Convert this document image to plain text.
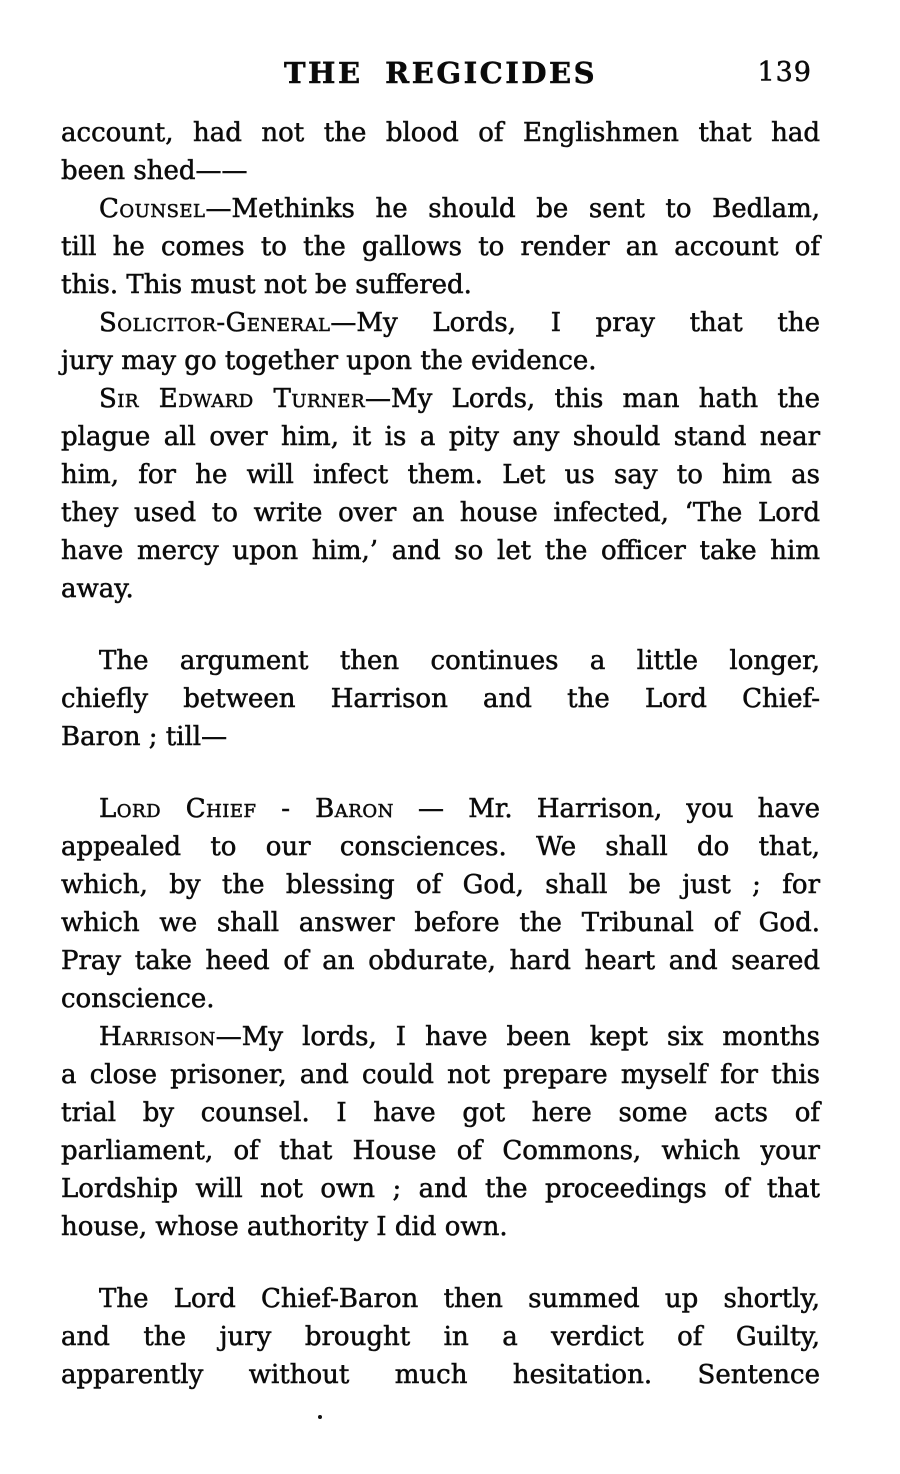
THE REGICIDES	139
account, had not the blood of Englishmen that had
been shed——
Counsel—Methinks he should be sent to Bedlam,
till he comes to the gallows to render an account of
this. This must not be suffered.
Solicitor-General—My Lords, I pray that the
jury may go together upon the evidence.
Sir Edward Turner—My Lords, this man hath the
plague all over him, it is a pity any should stand near
him, for he will infect them. Let us say to him as
they used to write over an house infected, ‘The Lord
have mercy upon him,’ and so let the officer take him
away.
The argument then continues a little longer,
chiefly between Harrison and the Lord Chief-
Baron ; till—
Lord Chief - Baron — Mr. Harrison, you have
appealed to our consciences. We shall do that,
which, by the blessing of God, shall be just ; for
which we shall answer before the Tribunal of God.
Pray take heed of an obdurate, hard heart and seared
conscience.
Harrison—My lords, I have been kept six months
a close prisoner, and could not prepare myself for this
trial by counsel. I have got here some acts of
parliament, of that House of Commons, which your
Lordship will not own ; and the proceedings of that
house, whose authority I did own.
The Lord Chief-Baron then summed up shortly,
and the jury brought in a verdict of Guilty,
apparently without much hesitation. Sentence
